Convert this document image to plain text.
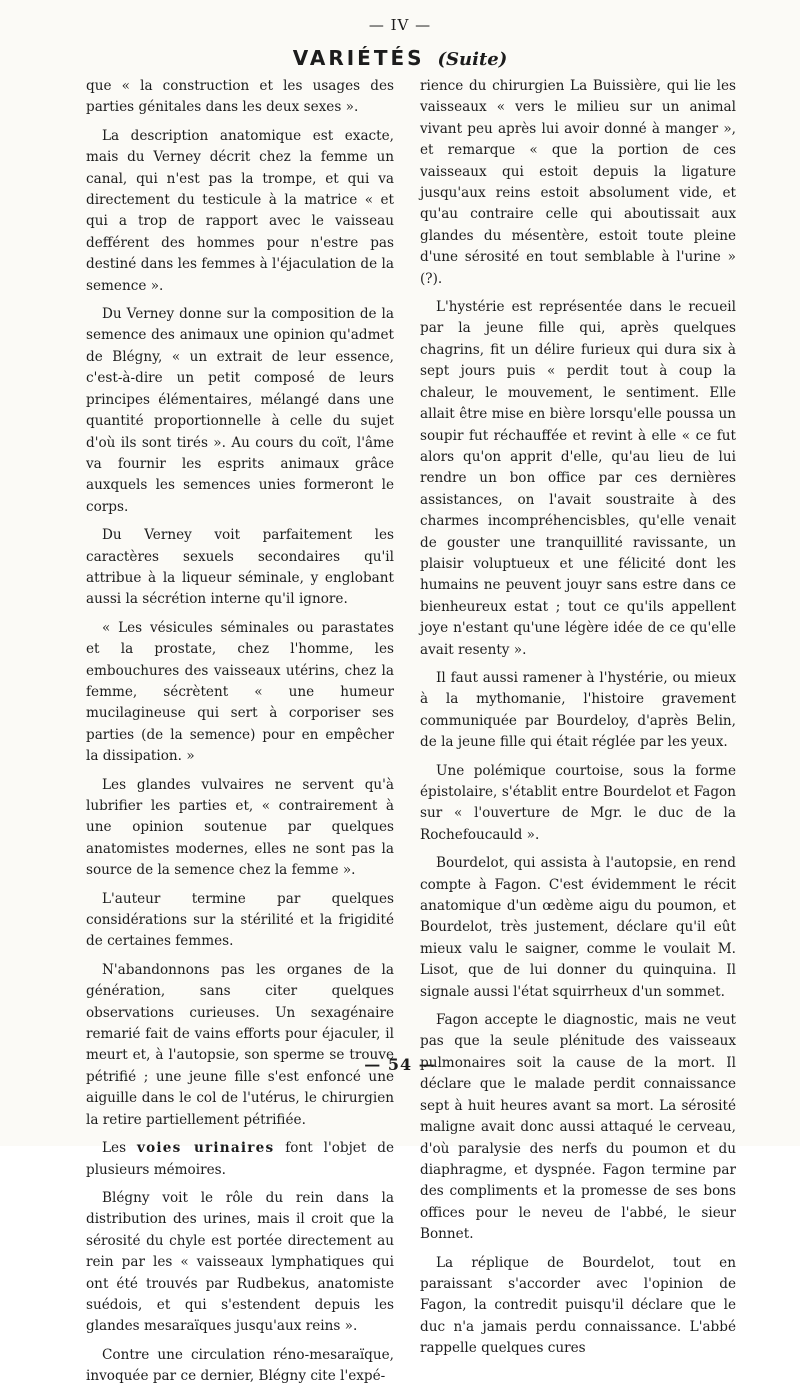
— IV —

VARIÉTÉS (Suite)

que « la construction et les usages des parties génitales dans les deux sexes ».

La description anatomique est exacte, mais du Verney décrit chez la femme un canal, qui n'est pas la trompe, et qui va directement du testicule à la matrice « et qui a trop de rapport avec le vaisseau defférent des hommes pour n'estre pas destiné dans les femmes à l'éjaculation de la semence ».

Du Verney donne sur la composition de la semence des animaux une opinion qu'admet de Blégny, « un extrait de leur essence, c'est-à-dire un petit composé de leurs principes élémentaires, mélangé dans une quantité proportionnelle à celle du sujet d'où ils sont tirés ». Au cours du coït, l'âme va fournir les esprits animaux grâce auxquels les semences unies formeront le corps.

Du Verney voit parfaitement les caractères sexuels secondaires qu'il attribue à la liqueur séminale, y englobant aussi la sécrétion interne qu'il ignore.

« Les vésicules séminales ou parastates et la prostate, chez l'homme, les embouchures des vaisseaux utérins, chez la femme, sécrètent « une humeur mucilagineuse qui sert à corporiser ses parties (de la semence) pour en empêcher la dissipation. »

Les glandes vulvaires ne servent qu'à lubrifier les parties et, « contrairement à une opinion soutenue par quelques anatomistes modernes, elles ne sont pas la source de la semence chez la femme ».

L'auteur termine par quelques considérations sur la stérilité et la frigidité de certaines femmes.

N'abandonnons pas les organes de la génération, sans citer quelques observations curieuses. Un sexagénaire remarié fait de vains efforts pour éjaculer, il meurt et, à l'autopsie, son sperme se trouve pétrifié ; une jeune fille s'est enfoncé une aiguille dans le col de l'utérus, le chirurgien la retire partiellement pétrifiée.

Les voies urinaires font l'objet de plusieurs mémoires.

Blégny voit le rôle du rein dans la distribution des urines, mais il croit que la sérosité du chyle est portée directement au rein par les « vaisseaux lymphatiques qui ont été trouvés par Rudbekus, anatomiste suédois, et qui s'estendent depuis les glandes mesaraïques jusqu'aux reins ».

Contre une circulation réno-mesaraïque, invoquée par ce dernier, Blégny cite l'expé-

rience du chirurgien La Buissière, qui lie les vaisseaux « vers le milieu sur un animal vivant peu après lui avoir donné à manger », et remarque « que la portion de ces vaisseaux qui estoit depuis la ligature jusqu'aux reins estoit absolument vide, et qu'au contraire celle qui aboutissait aux glandes du mésentère, estoit toute pleine d'une sérosité en tout semblable à l'urine » (?).

L'hystérie est représentée dans le recueil par la jeune fille qui, après quelques chagrins, fit un délire furieux qui dura six à sept jours puis « perdit tout à coup la chaleur, le mouvement, le sentiment. Elle allait être mise en bière lorsqu'elle poussa un soupir fut réchauffée et revint à elle « ce fut alors qu'on apprit d'elle, qu'au lieu de lui rendre un bon office par ces dernières assistances, on l'avait soustraite à des charmes incompréhencisbles, qu'elle venait de gouster une tranquillité ravissante, un plaisir voluptueux et une félicité dont les humains ne peuvent jouyr sans estre dans ce bienheureux estat ; tout ce qu'ils appellent joye n'estant qu'une légère idée de ce qu'elle avait resenty ».

Il faut aussi ramener à l'hystérie, ou mieux à la mythomanie, l'histoire gravement communiquée par Bourdeloy, d'après Belin, de la jeune fille qui était réglée par les yeux.

Une polémique courtoise, sous la forme épistolaire, s'établit entre Bourdelot et Fagon sur « l'ouverture de Mgr. le duc de la Rochefoucauld ».

Bourdelot, qui assista à l'autopsie, en rend compte à Fagon. C'est évidemment le récit anatomique d'un œdème aigu du poumon, et Bourdelot, très justement, déclare qu'il eût mieux valu le saigner, comme le voulait M. Lisot, que de lui donner du quinquina. Il signale aussi l'état squirrheux d'un sommet.

Fagon accepte le diagnostic, mais ne veut pas que la seule plénitude des vaisseaux pulmonaires soit la cause de la mort. Il déclare que le malade perdit connaissance sept à huit heures avant sa mort. La sérosité maligne avait donc aussi attaqué le cerveau, d'où paralysie des nerfs du poumon et du diaphragme, et dyspnée. Fagon termine par des compliments et la promesse de ses bons offices pour le neveu de l'abbé, le sieur Bonnet.

La réplique de Bourdelot, tout en paraissant s'accorder avec l'opinion de Fagon, la contredit puisqu'il déclare que le duc n'a jamais perdu connaissance. L'abbé rappelle quelques cures

— 54 —
